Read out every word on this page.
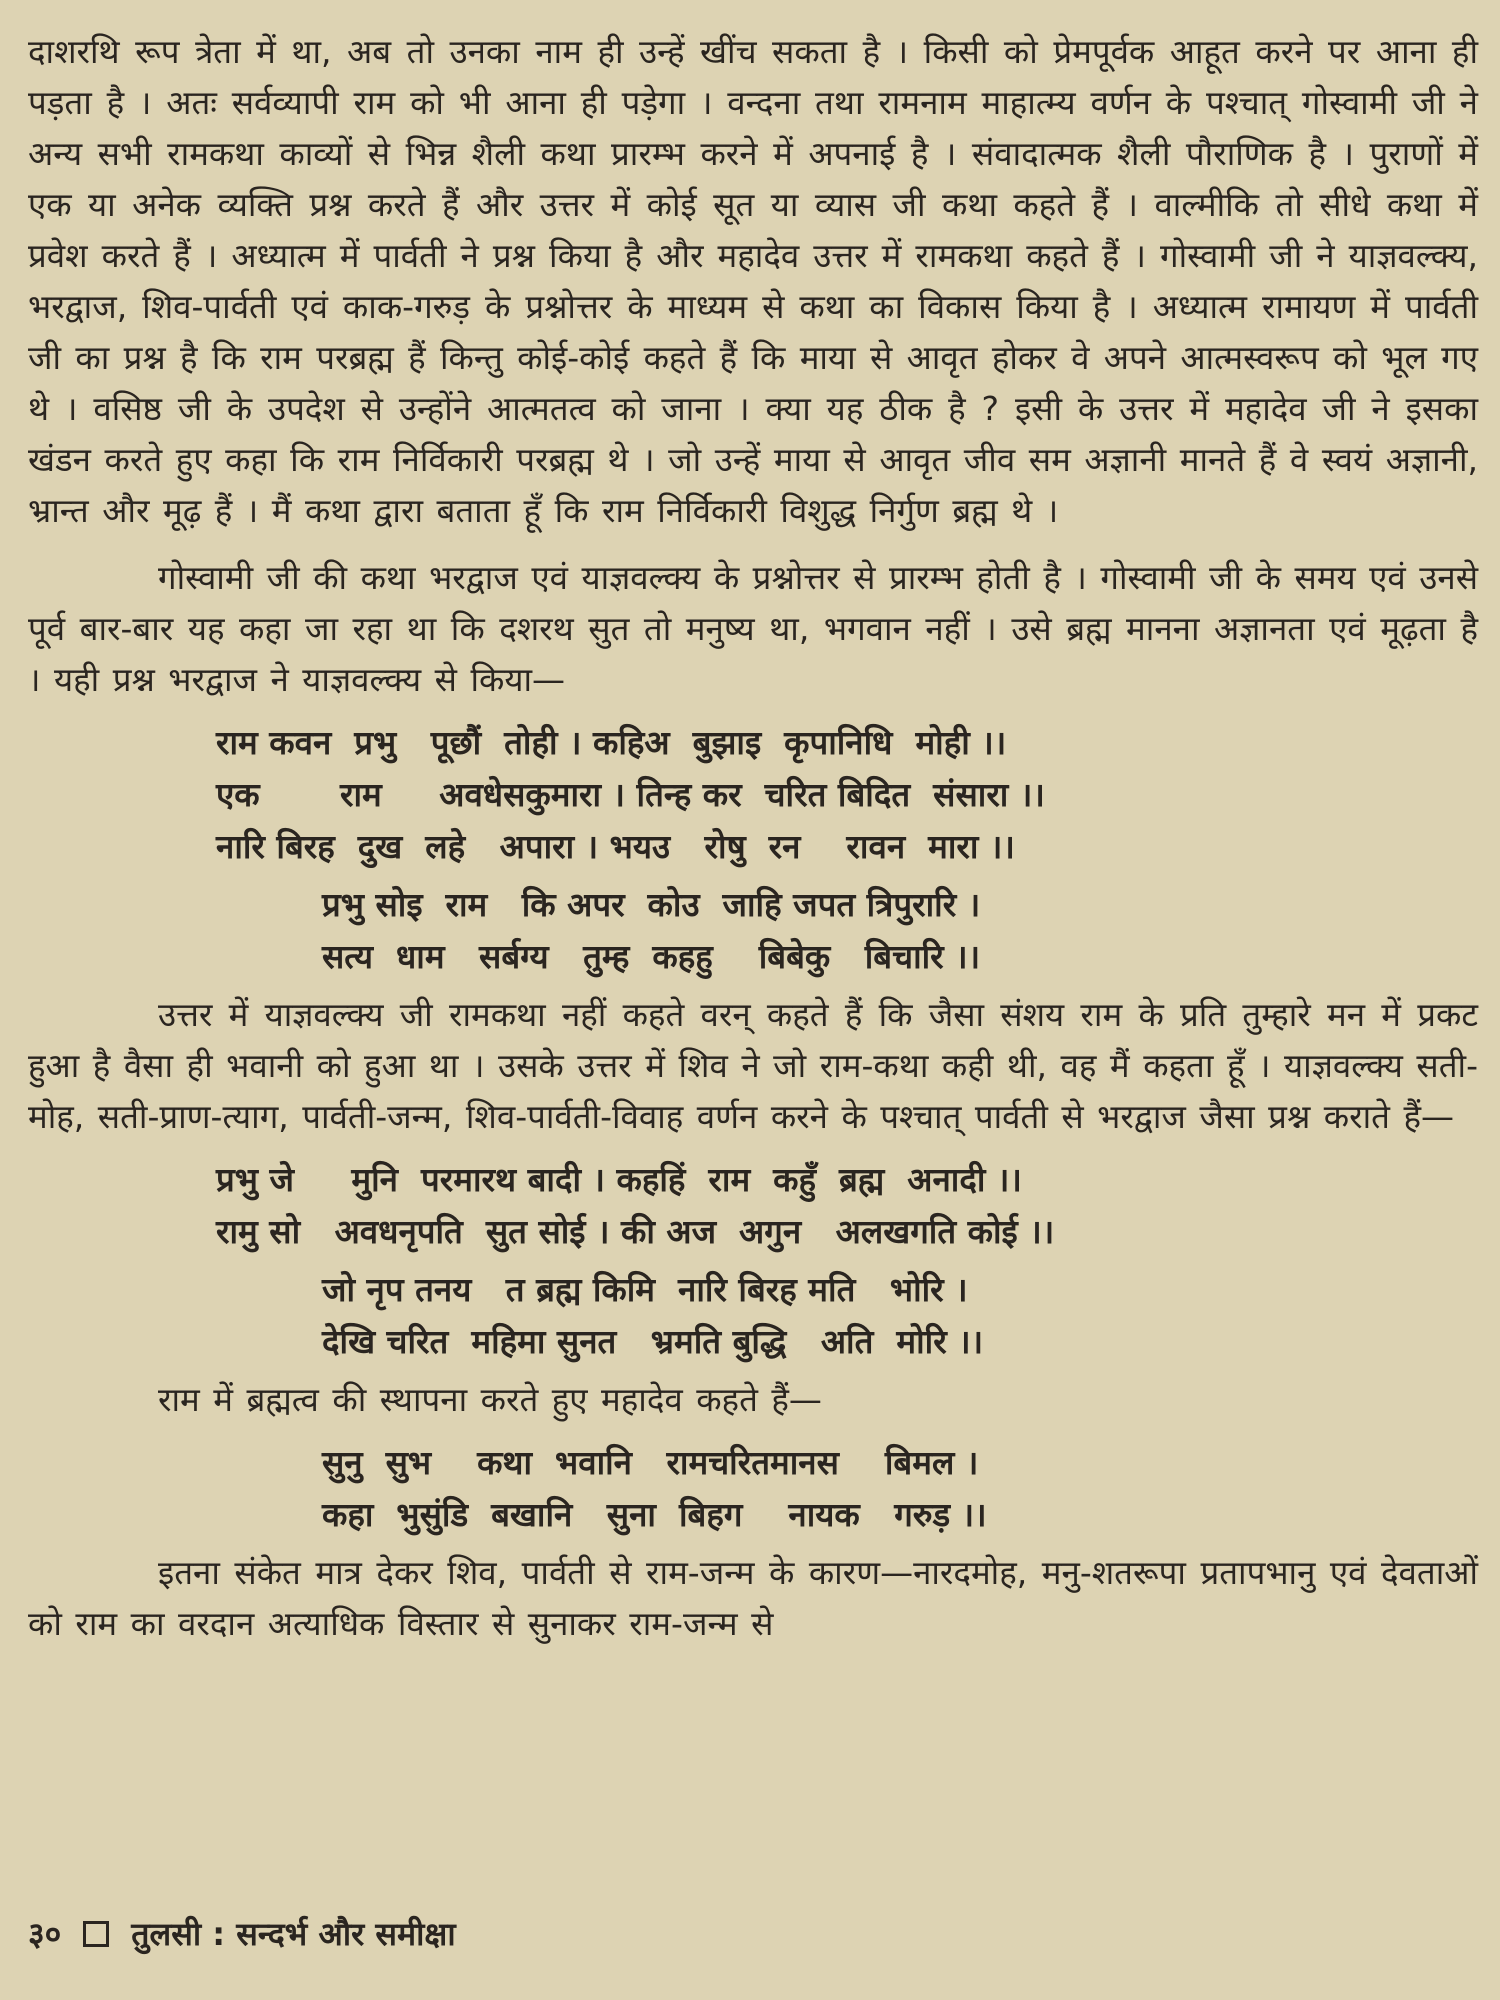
दाशरथि रूप त्रेता में था, अब तो उनका नाम ही उन्हें खींच सकता है । किसी को प्रेमपूर्वक आहूत करने पर आना ही पड़ता है । अतः सर्वव्यापी राम को भी आना ही पड़ेगा । वन्दना तथा रामनाम माहात्म्य वर्णन के पश्चात् गोस्वामी जी ने अन्य सभी रामकथा काव्यों से भिन्न शैली कथा प्रारम्भ करने में अपनाई है । संवादात्मक शैली पौराणिक है । पुराणों में एक या अनेक व्यक्ति प्रश्न करते हैं और उत्तर में कोई सूत या व्यास जी कथा कहते हैं । वाल्मीकि तो सीधे कथा में प्रवेश करते हैं । अध्यात्म में पार्वती ने प्रश्न किया है और महादेव उत्तर में रामकथा कहते हैं । गोस्वामी जी ने याज्ञवल्क्य, भरद्वाज, शिव-पार्वती एवं काक-गरुड़ के प्रश्नोत्तर के माध्यम से कथा का विकास किया है । अध्यात्म रामायण में पार्वती जी का प्रश्न है कि राम परब्रह्म हैं किन्तु कोई-कोई कहते हैं कि माया से आवृत होकर वे अपने आत्मस्वरूप को भूल गए थे । वसिष्ठ जी के उपदेश से उन्होंने आत्मतत्व को जाना । क्या यह ठीक है ? इसी के उत्तर में महादेव जी ने इसका खंडन करते हुए कहा कि राम निर्विकारी परब्रह्म थे । जो उन्हें माया से आवृत जीव सम अज्ञानी मानते हैं वे स्वयं अज्ञानी, भ्रान्त और मूढ़ हैं । मैं कथा द्वारा बताता हूँ कि राम निर्विकारी विशुद्ध निर्गुण ब्रह्म थे ।

गोस्वामी जी की कथा भरद्वाज एवं याज्ञवल्क्य के प्रश्नोत्तर से प्रारम्भ होती है । गोस्वामी जी के समय एवं उनसे पूर्व बार-बार यह कहा जा रहा था कि दशरथ सुत तो मनुष्य था, भगवान नहीं । उसे ब्रह्म मानना अज्ञानता एवं मूढ़ता है । यही प्रश्न भरद्वाज ने याज्ञवल्क्य से किया—

राम कवन  प्रभु   पूछौं  तोही । कहिअ  बुझाइ  कृपानिधि  मोही ।।

एक       राम     अवधेसकुमारा । तिन्ह कर  चरित बिदित  संसारा ।।

नारि बिरह  दुख  लहे   अपारा । भयउ   रोषु  रन    रावन  मारा ।।

प्रभु सोइ  राम   कि अपर  कोउ  जाहि जपत त्रिपुरारि ।

सत्य  धाम   सर्बग्य   तुम्ह  कहहु    बिबेकु   बिचारि ।।

उत्तर में याज्ञवल्क्य जी रामकथा नहीं कहते वरन् कहते हैं कि जैसा संशय राम के प्रति तुम्हारे मन में प्रकट हुआ है वैसा ही भवानी को हुआ था । उसके उत्तर में शिव ने जो राम-कथा कही थी, वह मैं कहता हूँ । याज्ञवल्क्य सती-मोह, सती-प्राण-त्याग, पार्वती-जन्म, शिव-पार्वती-विवाह वर्णन करने के पश्चात् पार्वती से भरद्वाज जैसा प्रश्न कराते हैं—

प्रभु जे     मुनि  परमारथ बादी । कहहिं  राम  कहुँ  ब्रह्म  अनादी ।।

रामु सो   अवधनृपति  सुत सोई । की अज  अगुन   अलखगति कोई ।।

जो नृप तनय   त ब्रह्म किमि  नारि बिरह मति   भोरि ।

देखि चरित  महिमा सुनत   भ्रमति बुद्धि   अति  मोरि ।।

राम में ब्रह्मत्व की स्थापना करते हुए महादेव कहते हैं—

सुनु  सुभ    कथा  भवानि   रामचरितमानस    बिमल ।

कहा  भुसुंडि  बखानि   सुना  बिहग    नायक   गरुड़ ।।

इतना संकेत मात्र देकर शिव, पार्वती से राम-जन्म के कारण—नारदमोह, मनु-शतरूपा प्रतापभानु एवं देवताओं को राम का वरदान अत्याधिक विस्तार से सुनाकर राम-जन्म से

३० तुलसी : सन्दर्भ और समीक्षा
